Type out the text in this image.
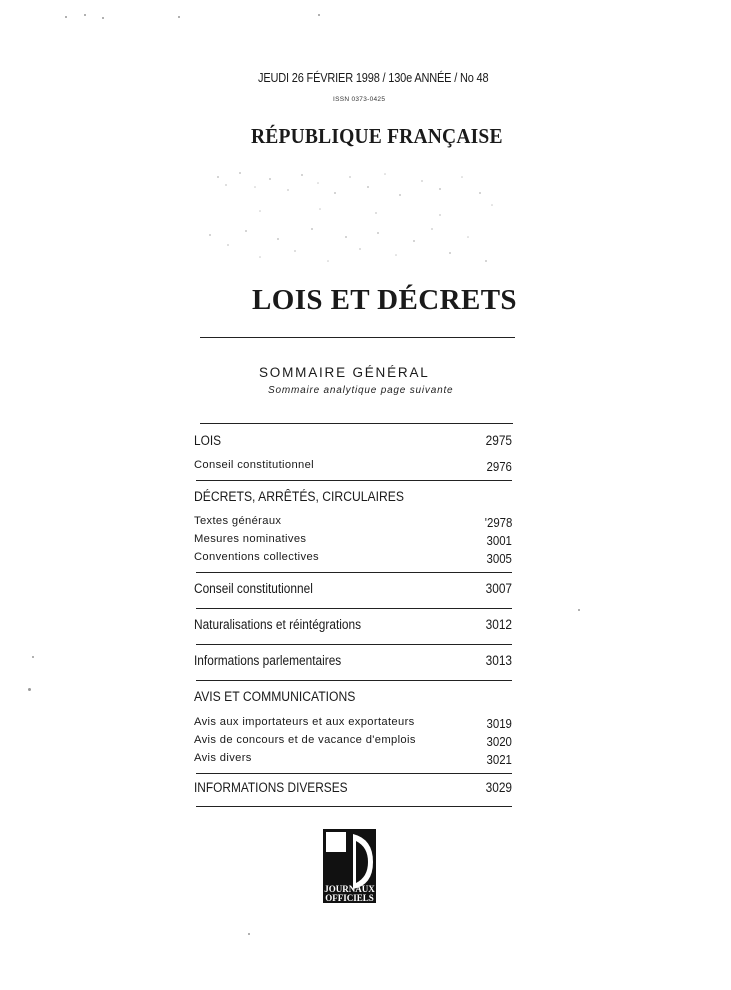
JEUDI 26 FÉVRIER 1998 / 130e ANNÉE / No 48
ISSN 0373-0425
RÉPUBLIQUE FRANÇAISE
LOIS ET DÉCRETS
SOMMAIRE GÉNÉRAL
Sommaire analytique page suivante
LOIS	2975
Conseil constitutionnel	2976
DÉCRETS, ARRÊTÉS, CIRCULAIRES
Textes généraux	'2978
Mesures nominatives	3001
Conventions collectives	3005
Conseil constitutionnel	3007
Naturalisations et réintégrations	3012
Informations parlementaires	3013
AVIS ET COMMUNICATIONS
Avis aux importateurs et aux exportateurs	3019
Avis de concours et de vacance d'emplois	3020
Avis divers	3021
INFORMATIONS DIVERSES	3029
JOURNAUX
OFFICIELS
